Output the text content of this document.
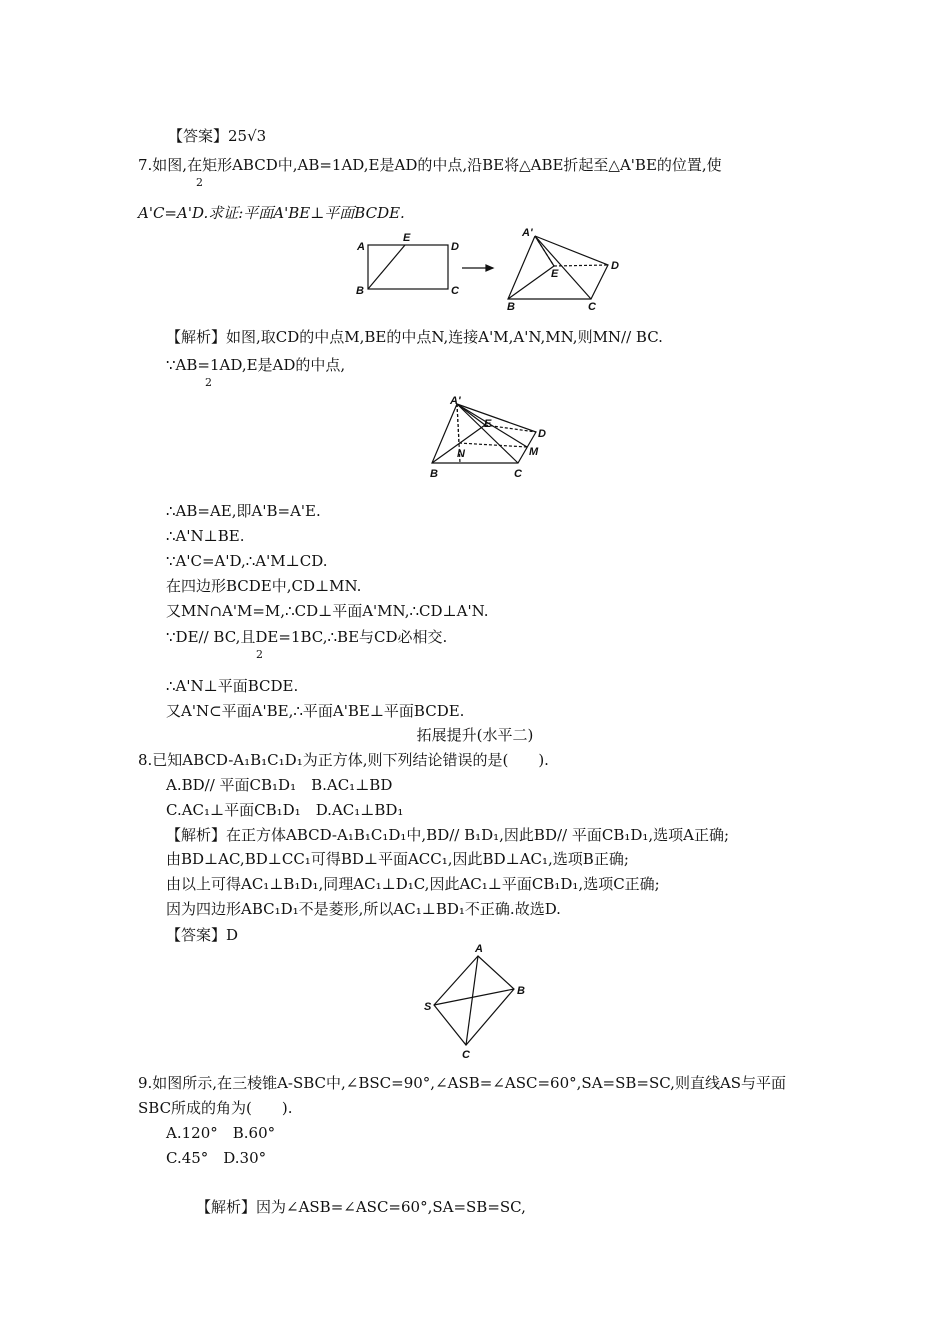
【答案】25√3
7.如图,在矩形ABCD中,AB=1AD,E是AD的中点,沿BE将△ABE折起至△A'BE的位置,使
2
A'C=A'D.求证:平面A'BE⊥平面BCDE.
A
E
D
B	C
A'
E
D
B	C
【解析】如图,取CD的中点M,BE的中点N,连接A'M,A'N,MN,则MN// BC.
∵AB=1AD,E是AD的中点,
2
A'
E
D
N	M
B	C
∴AB=AE,即A'B=A'E.
∴A'N⊥BE.
∵A'C=A'D,∴A'M⊥CD.
在四边形BCDE中,CD⊥MN.
又MN∩A'M=M,∴CD⊥平面A'MN,∴CD⊥A'N.
∵DE// BC,且DE=1BC,∴BE与CD必相交.
2
∴A'N⊥平面BCDE.
又A'N⊂平面A'BE,∴平面A'BE⊥平面BCDE.
拓展提升(水平二)
8.已知ABCD-A₁B₁C₁D₁为正方体,则下列结论错误的是(　　).
A.BD// 平面CB₁D₁　B.AC₁⊥BD
C.AC₁⊥平面CB₁D₁　D.AC₁⊥BD₁
【解析】在正方体ABCD-A₁B₁C₁D₁中,BD// B₁D₁,因此BD// 平面CB₁D₁,选项A正确;
由BD⊥AC,BD⊥CC₁可得BD⊥平面ACC₁,因此BD⊥AC₁,选项B正确;
由以上可得AC₁⊥B₁D₁,同理AC₁⊥D₁C,因此AC₁⊥平面CB₁D₁,选项C正确;
因为四边形ABC₁D₁不是菱形,所以AC₁⊥BD₁不正确.故选D.
【答案】D
A
S
B
C
9.如图所示,在三棱锥A-SBC中,∠BSC=90°,∠ASB=∠ASC=60°,SA=SB=SC,则直线AS与平面
SBC所成的角为(　　).
A.120°　B.60°
C.45°　D.30°
【解析】因为∠ASB=∠ASC=60°,SA=SB=SC,
